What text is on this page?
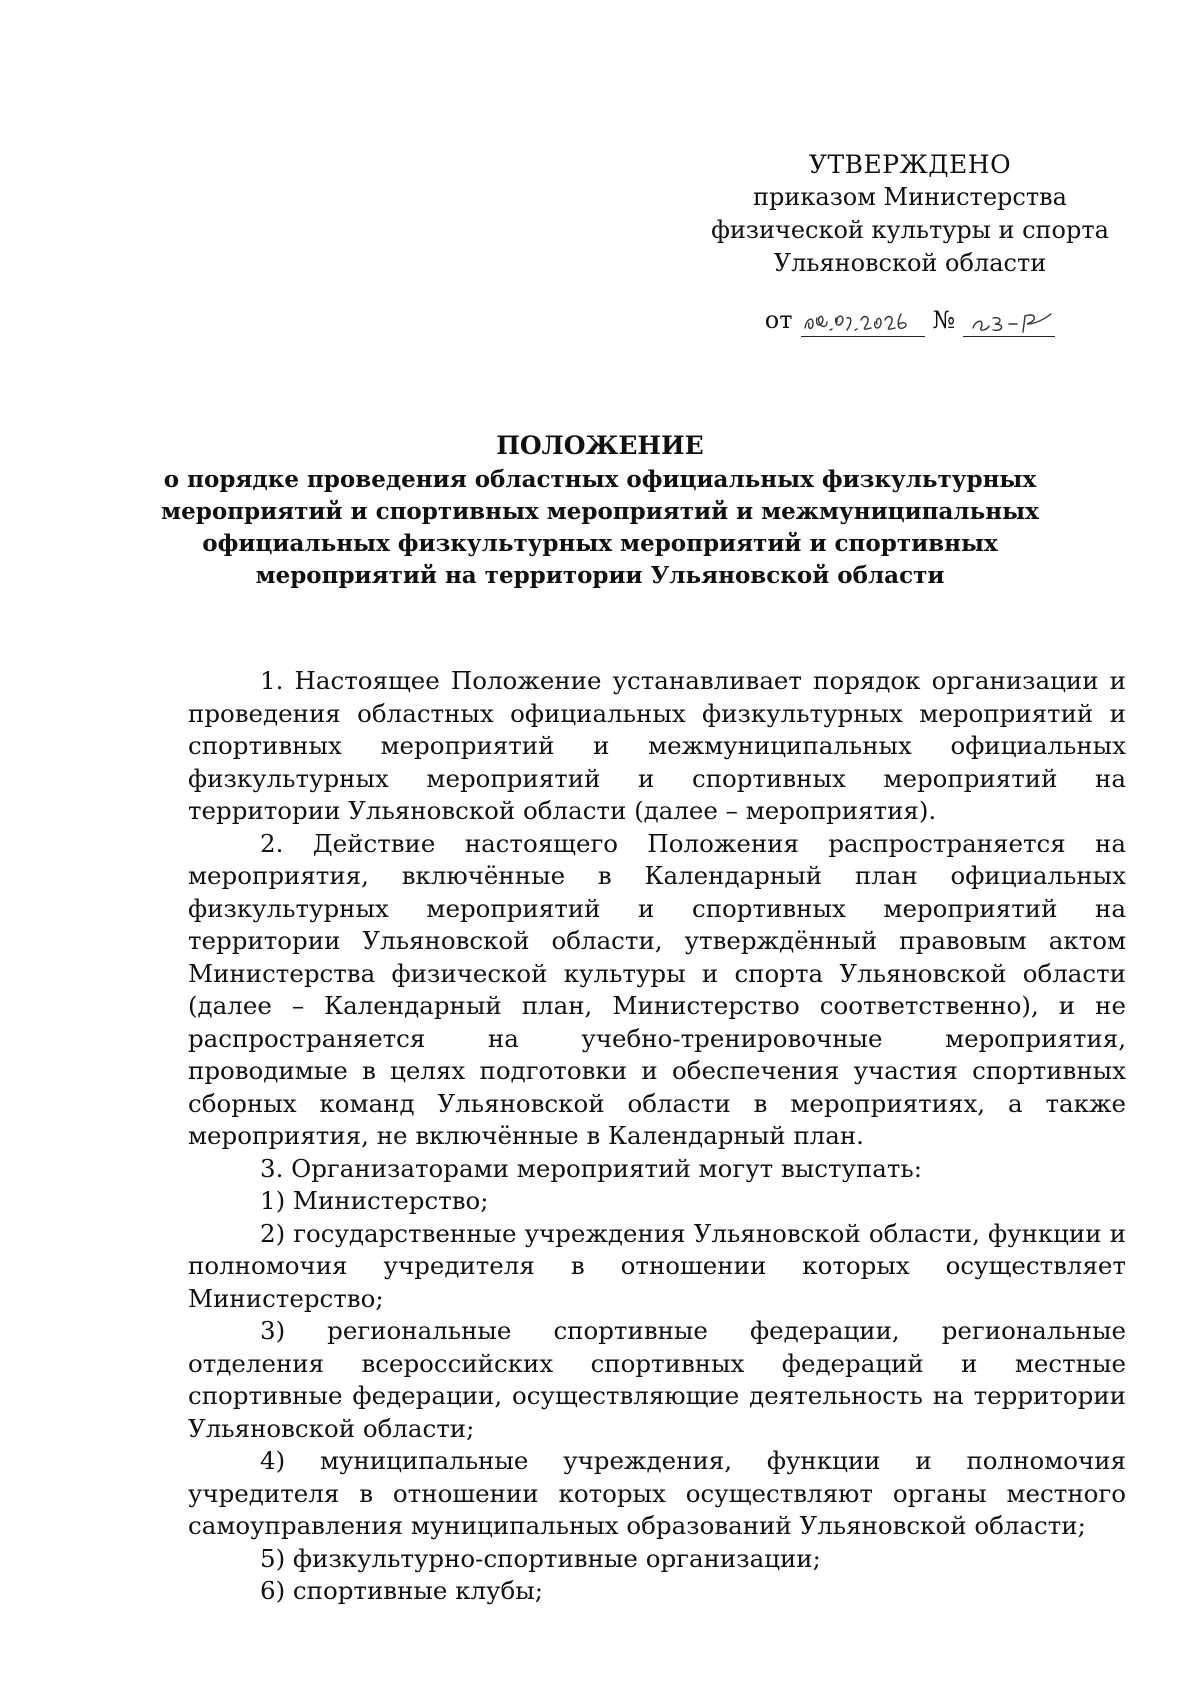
УТВЕРЖДЕНО
приказом Министерства
физической культуры и спорта
Ульяновской области
от	№
ПОЛОЖЕНИЕ
о порядке проведения областных официальных физкультурных мероприятий и спортивных мероприятий и межмуниципальных официальных физкультурных мероприятий и спортивных мероприятий на территории Ульяновской области

1. Настоящее Положение устанавливает порядок организации и проведения областных официальных физкультурных мероприятий и спортивных мероприятий и межмуниципальных официальных физкультурных мероприятий и спортивных мероприятий на территории Ульяновской области (далее – мероприятия).

2. Действие настоящего Положения распространяется на мероприятия, включённые в Календарный план официальных физкультурных мероприятий и спортивных мероприятий на территории Ульяновской области, утверждённый правовым актом Министерства физической культуры и спорта Ульяновской области (далее – Календарный план, Министерство соответственно), и не распространяется на учебно-тренировочные мероприятия, проводимые в целях подготовки и обеспечения участия спортивных сборных команд Ульяновской области в мероприятиях, а также мероприятия, не включённые в Календарный план.

3. Организаторами мероприятий могут выступать:

1) Министерство;

2) государственные учреждения Ульяновской области, функции и полномочия учредителя в отношении которых осуществляет Министерство;

3) региональные спортивные федерации, региональные отделения всероссийских спортивных федераций и местные спортивные федерации, осуществляющие деятельность на территории Ульяновской области;

4) муниципальные учреждения, функции и полномочия учредителя в отношении которых осуществляют органы местного самоуправления муниципальных образований Ульяновской области;

5) физкультурно-спортивные организации;

6) спортивные клубы;
